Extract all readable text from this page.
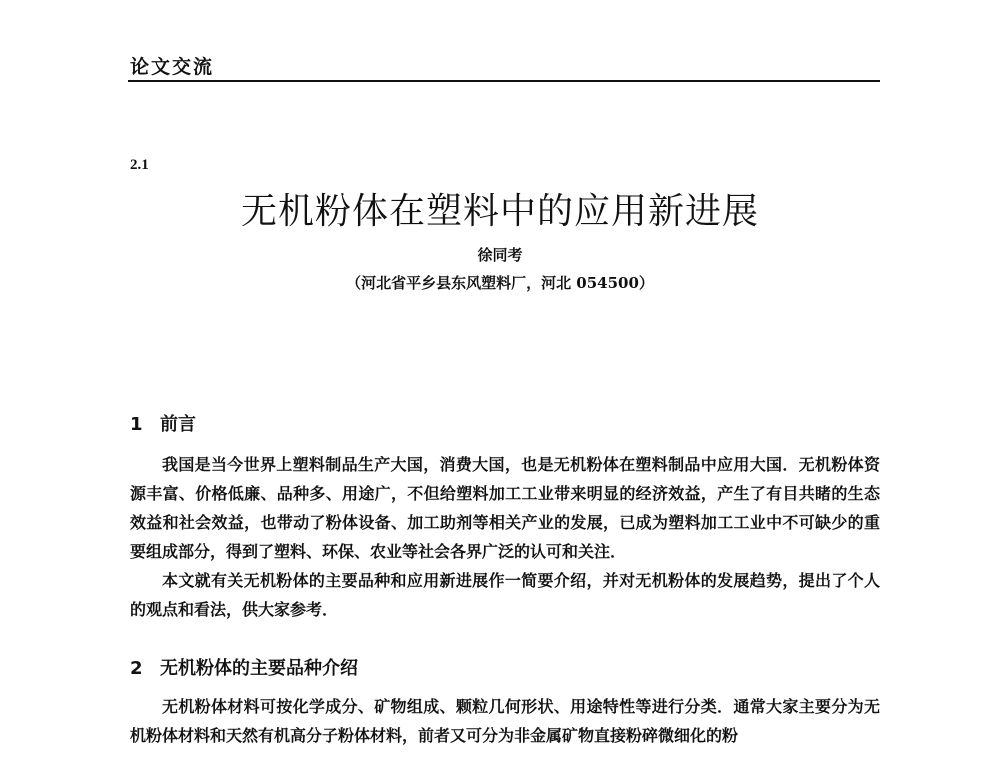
论文交流
2.1
无机粉体在塑料中的应用新进展
徐同考
（河北省平乡县东风塑料厂，河北 054500）
1 前言
我国是当今世界上塑料制品生产大国，消费大国，也是无机粉体在塑料制品中应用大国．无机粉体资源丰富、价格低廉、品种多、用途广，不但给塑料加工工业带来明显的经济效益，产生了有目共睹的生态效益和社会效益，也带动了粉体设备、加工助剂等相关产业的发展，已成为塑料加工工业中不可缺少的重要组成部分，得到了塑料、环保、农业等社会各界广泛的认可和关注．
本文就有关无机粉体的主要品种和应用新进展作一简要介绍，并对无机粉体的发展趋势，提出了个人的观点和看法，供大家参考．
2 无机粉体的主要品种介绍
无机粉体材料可按化学成分、矿物组成、颗粒几何形状、用途特性等进行分类．通常大家主要分为无机粉体材料和天然有机高分子粉体材料，前者又可分为非金属矿物直接粉碎微细化的粉
